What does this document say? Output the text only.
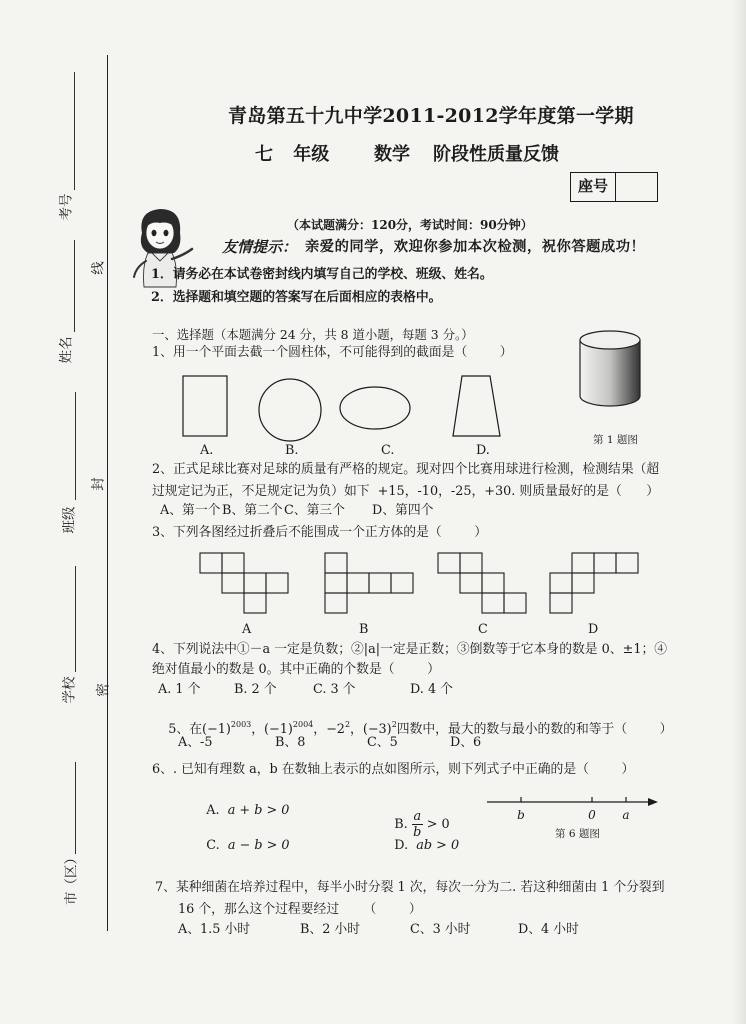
考号
线
姓名
封
班级
学校 密
市（区）
青岛第五十九中学2011-2012学年度第一学期
七 年级 数学 阶段性质量反馈
座号
（本试题满分：120分，考试时间：90分钟）
友情提示： 亲爱的同学，欢迎你参加本次检测，祝你答题成功！
1．请务必在本试卷密封线内填写自己的学校、班级、姓名。
2．选择题和填空题的答案写在后面相应的表格中。
一、选择题（本题满分 24 分，共 8 道小题，每题 3 分。）
1、用一个平面去截一个圆柱体，不可能得到的截面是（        ）
A.	B.	C.	D.
第 1 题图
2、正式足球比赛对足球的质量有严格的规定。现对四个比赛用球进行检测，检测结果（超
过规定记为正，不足规定记为负）如下  +15，-10，-25，+30. 则质量最好的是（      ）
A、第一个 B、第二个 C、第三个 D、第四个
3、下列各图经过折叠后不能围成一个正方体的是（        ）
A	B	C	D
4、下列说法中①－a 一定是负数；②|a|一定是正数；③倒数等于它本身的数是 0、±1；④
绝对值最小的数是 0。其中正确的个数是（        ）
A. 1 个	B. 2 个	C. 3 个	D. 4 个

5、在$(-1)^{2003}$，$(-1)^{2004}$，$-2^2$，$(-3)^2$四数中，最大的数与最小的数的和等于（        ）

A、-5	B、8	C、5	D、6
6、. 已知有理数 a，b 在数轴上表示的点如图所示，则下列式子中正确的是（        ）

A. a + b > 0

B. $\frac{a}{b} > 0$

C. a − b > 0
	D. ab > 0

b	0 a
第 6 题图
7、某种细菌在培养过程中，每半小时分裂 1 次，每次一分为二. 若这种细菌由 1 个分裂到
16 个，那么这个过程要经过      （        ）
A、1.5 小时	B、2 小时	C、3 小时	D、4 小时
